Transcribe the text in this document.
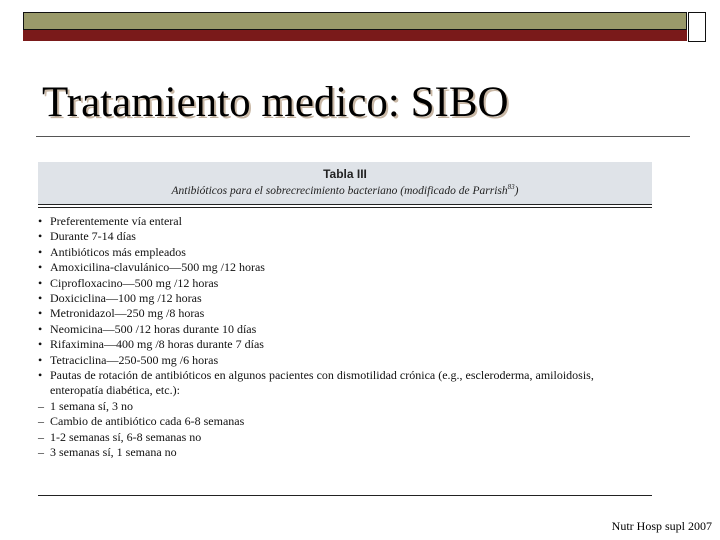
Tratamiento medico: SIBO
Tabla III
Antibióticos para el sobrecrecimiento bacteriano (modificado de Parrish$^{83}$)
• Preferentemente vía enteral
• Durante 7-14 días
• Antibióticos más empleados
• Amoxicilina-clavulánico—500 mg /12 horas
• Ciprofloxacino—500 mg /12 horas
• Doxiciclina—100 mg /12 horas
• Metronidazol—250 mg /8 horas
• Neomicina—500 /12 horas durante 10 días
• Rifaximina—400 mg /8 horas durante 7 días
• Tetraciclina—250-500 mg /6 horas
• Pautas de rotación de antibióticos en algunos pacientes con dismotilidad crónica (e.g., escleroderma, amiloidosis, enteropatía diabética, etc.):
– 1 semana sí, 3 no
– Cambio de antibiótico cada 6-8 semanas
– 1-2 semanas sí, 6-8 semanas no
– 3 semanas sí, 1 semana no
Nutr Hosp supl 2007
